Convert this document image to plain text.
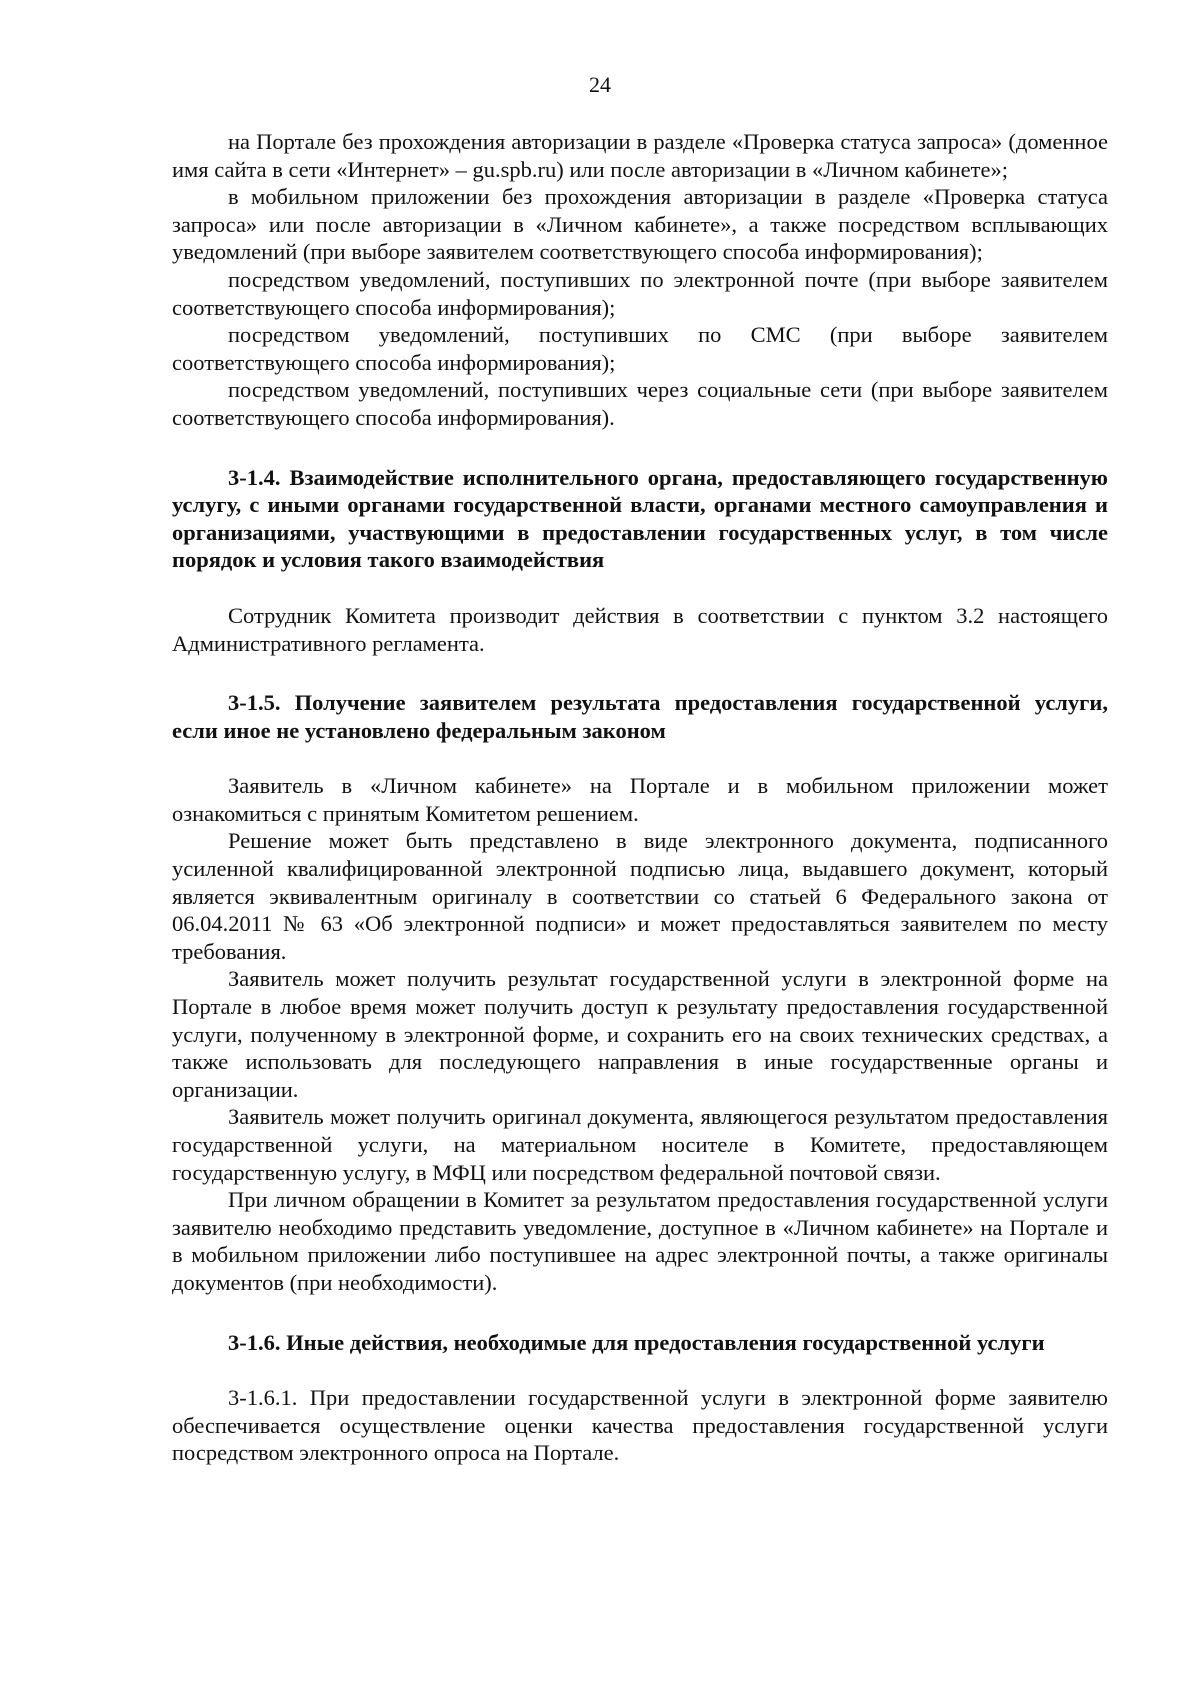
24

на Портале без прохождения авторизации в разделе «Проверка статуса запроса» (доменное имя сайта в сети «Интернет» – gu.spb.ru) или после авторизации в «Личном кабинете»;

в мобильном приложении без прохождения авторизации в разделе «Проверка статуса запроса» или после авторизации в «Личном кабинете», а также посредством всплывающих уведомлений (при выборе заявителем соответствующего способа информирования);

посредством уведомлений, поступивших по электронной почте (при выборе заявителем соответствующего способа информирования);

посредством уведомлений, поступивших по СМС (при выборе заявителем соответствующего способа информирования);

посредством уведомлений, поступивших через социальные сети (при выборе заявителем соответствующего способа информирования).

3-1.4. Взаимодействие исполнительного органа, предоставляющего государственную услугу, с иными органами государственной власти, органами местного самоуправления и организациями, участвующими в предоставлении государственных услуг, в том числе порядок и условия такого взаимодействия

Сотрудник Комитета производит действия в соответствии с пунктом 3.2 настоящего Административного регламента.

3-1.5. Получение заявителем результата предоставления государственной услуги, если иное не установлено федеральным законом

Заявитель в «Личном кабинете» на Портале и в мобильном приложении может ознакомиться с принятым Комитетом решением.

Решение может быть представлено в виде электронного документа, подписанного усиленной квалифицированной электронной подписью лица, выдавшего документ, который является эквивалентным оригиналу в соответствии со статьей 6 Федерального закона от 06.04.2011 № 63 «Об электронной подписи» и может предоставляться заявителем по месту требования.

Заявитель может получить результат государственной услуги в электронной форме на Портале в любое время может получить доступ к результату предоставления государственной услуги, полученному в электронной форме, и сохранить его на своих технических средствах, а также использовать для последующего направления в иные государственные органы и организации.

Заявитель может получить оригинал документа, являющегося результатом предоставления государственной услуги, на материальном носителе в Комитете, предоставляющем государственную услугу, в МФЦ или посредством федеральной почтовой связи.

При личном обращении в Комитет за результатом предоставления государственной услуги заявителю необходимо представить уведомление, доступное в «Личном кабинете» на Портале и в мобильном приложении либо поступившее на адрес электронной почты, а также оригиналы документов (при необходимости).

3-1.6. Иные действия, необходимые для предоставления государственной услуги

3-1.6.1. При предоставлении государственной услуги в электронной форме заявителю обеспечивается осуществление оценки качества предоставления государственной услуги посредством электронного опроса на Портале.
